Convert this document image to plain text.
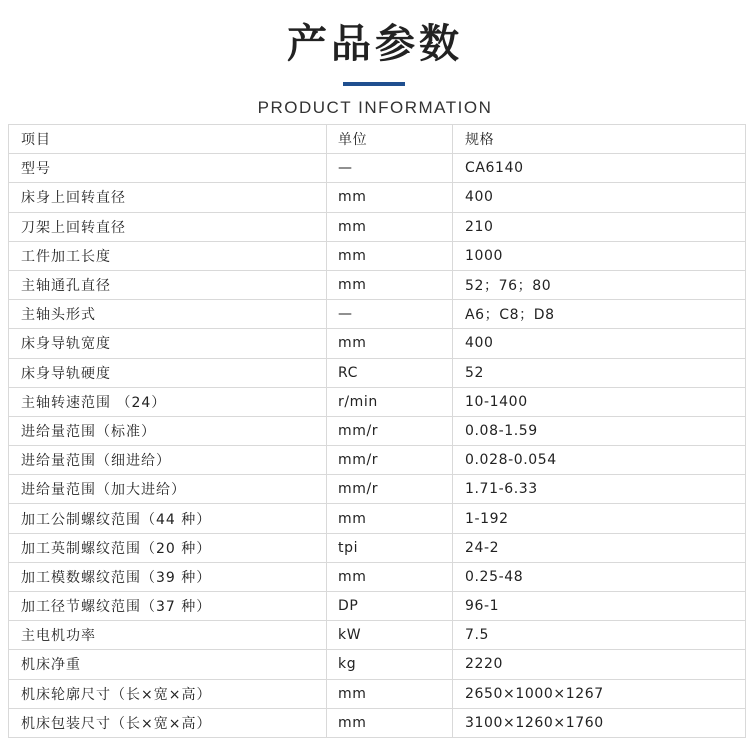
产品参数
PRODUCT INFORMATION
项目	单位	规格
型号	—	CA6140
床身上回转直径	mm	400
刀架上回转直径	mm	210
工件加工长度	mm	1000
主轴通孔直径	mm	52；76；80
主轴头形式	—	A6；C8；D8
床身导轨宽度	mm	400
床身导轨硬度	RC	52
主轴转速范围 （24）	r/min	10-1400
进给量范围（标准）	mm/r	0.08-1.59
进给量范围（细进给）	mm/r	0.028-0.054
进给量范围（加大进给）	mm/r	1.71-6.33
加工公制螺纹范围（44 种）	mm	1-192
加工英制螺纹范围（20 种）	tpi	24-2
加工模数螺纹范围（39 种）	mm	0.25-48
加工径节螺纹范围（37 种）	DP	96-1
主电机功率	kW	7.5
机床净重	kg	2220
机床轮廓尺寸（长×宽×高）	mm	2650×1000×1267
机床包装尺寸（长×宽×高）	mm	3100×1260×1760
